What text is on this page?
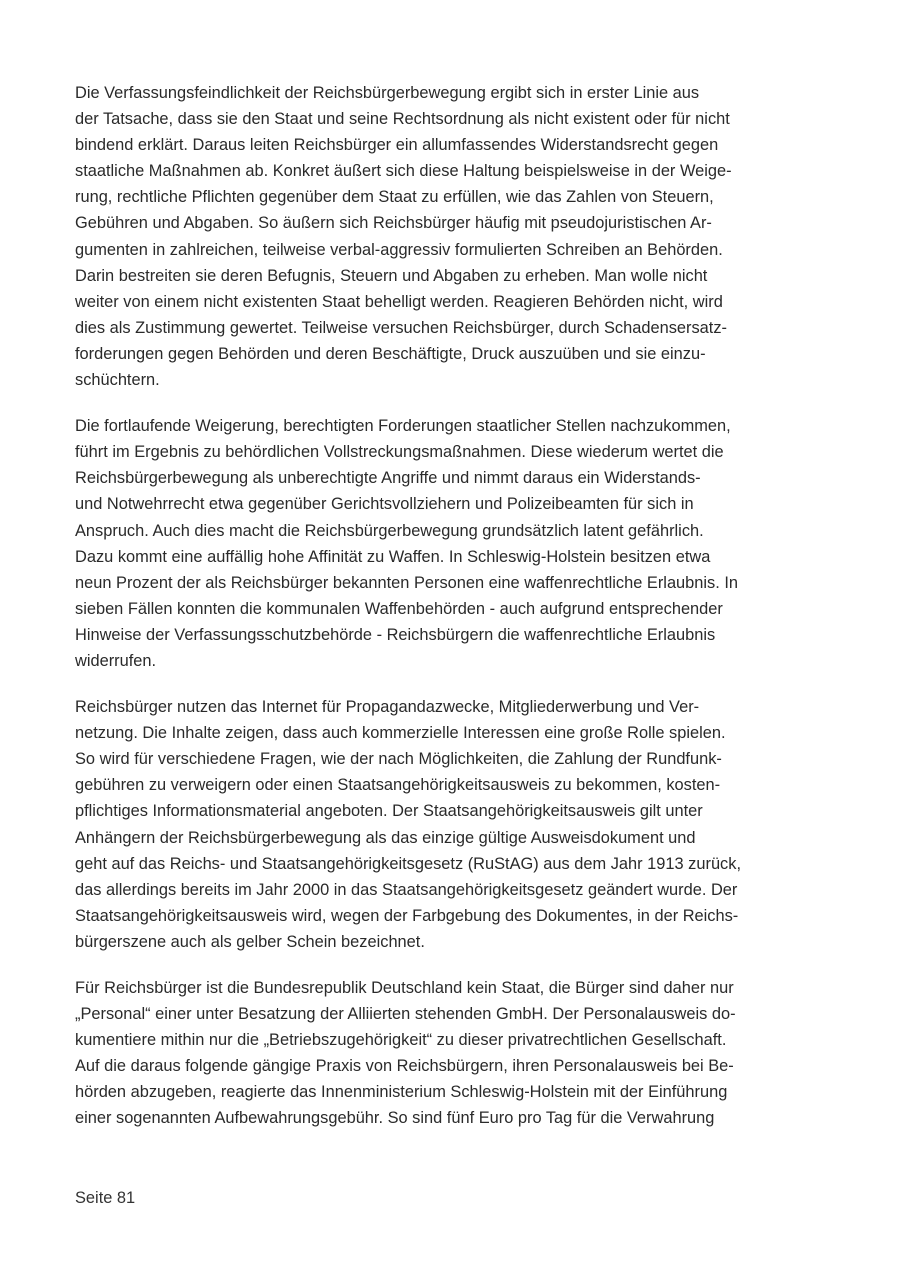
Die Verfassungsfeindlichkeit der Reichsbürgerbewegung ergibt sich in erster Linie aus
der Tatsache, dass sie den Staat und seine Rechtsordnung als nicht existent oder für nicht
bindend erklärt. Daraus leiten Reichsbürger ein allumfassendes Widerstandsrecht gegen
staatliche Maßnahmen ab. Konkret äußert sich diese Haltung beispielsweise in der Weige-
rung, rechtliche Pflichten gegenüber dem Staat zu erfüllen, wie das Zahlen von Steuern,
Gebühren und Abgaben. So äußern sich Reichsbürger häufig mit pseudojuristischen Ar-
gumenten in zahlreichen, teilweise verbal-aggressiv formulierten Schreiben an Behörden.
Darin bestreiten sie deren Befugnis, Steuern und Abgaben zu erheben. Man wolle nicht
weiter von einem nicht existenten Staat behelligt werden. Reagieren Behörden nicht, wird
dies als Zustimmung gewertet. Teilweise versuchen Reichsbürger, durch Schadensersatz-
forderungen gegen Behörden und deren Beschäftigte, Druck auszuüben und sie einzu-
schüchtern.

Die fortlaufende Weigerung, berechtigten Forderungen staatlicher Stellen nachzukommen,
führt im Ergebnis zu behördlichen Vollstreckungsmaßnahmen. Diese wiederum wertet die
Reichsbürgerbewegung als unberechtigte Angriffe und nimmt daraus ein Widerstands-
und Notwehrrecht etwa gegenüber Gerichtsvollziehern und Polizeibeamten für sich in
Anspruch. Auch dies macht die Reichsbürgerbewegung grundsätzlich latent gefährlich.
Dazu kommt eine auffällig hohe Affinität zu Waffen. In Schleswig-Holstein besitzen etwa
neun Prozent der als Reichsbürger bekannten Personen eine waffenrechtliche Erlaubnis. In
sieben Fällen konnten die kommunalen Waffenbehörden - auch aufgrund entsprechender
Hinweise der Verfassungsschutzbehörde - Reichsbürgern die waffenrechtliche Erlaubnis
widerrufen.

Reichsbürger nutzen das Internet für Propagandazwecke, Mitgliederwerbung und Ver-
netzung. Die Inhalte zeigen, dass auch kommerzielle Interessen eine große Rolle spielen.
So wird für verschiedene Fragen, wie der nach Möglichkeiten, die Zahlung der Rundfunk-
gebühren zu verweigern oder einen Staatsangehörigkeitsausweis zu bekommen, kosten-
pflichtiges Informationsmaterial angeboten. Der Staatsangehörigkeitsausweis gilt unter
Anhängern der Reichsbürgerbewegung als das einzige gültige Ausweisdokument und
geht auf das Reichs- und Staatsangehörigkeitsgesetz (RuStAG) aus dem Jahr 1913 zurück,
das allerdings bereits im Jahr 2000 in das Staatsangehörigkeitsgesetz geändert wurde. Der
Staatsangehörigkeitsausweis wird, wegen der Farbgebung des Dokumentes, in der Reichs-
bürgerszene auch als gelber Schein bezeichnet.

Für Reichsbürger ist die Bundesrepublik Deutschland kein Staat, die Bürger sind daher nur
„Personal“ einer unter Besatzung der Alliierten stehenden GmbH. Der Personalausweis do-
kumentiere mithin nur die „Betriebszugehörigkeit“ zu dieser privatrechtlichen Gesellschaft.
Auf die daraus folgende gängige Praxis von Reichsbürgern, ihren Personalausweis bei Be-
hörden abzugeben, reagierte das Innenministerium Schleswig-Holstein mit der Einführung
einer sogenannten Aufbewahrungsgebühr. So sind fünf Euro pro Tag für die Verwahrung

Seite 81
